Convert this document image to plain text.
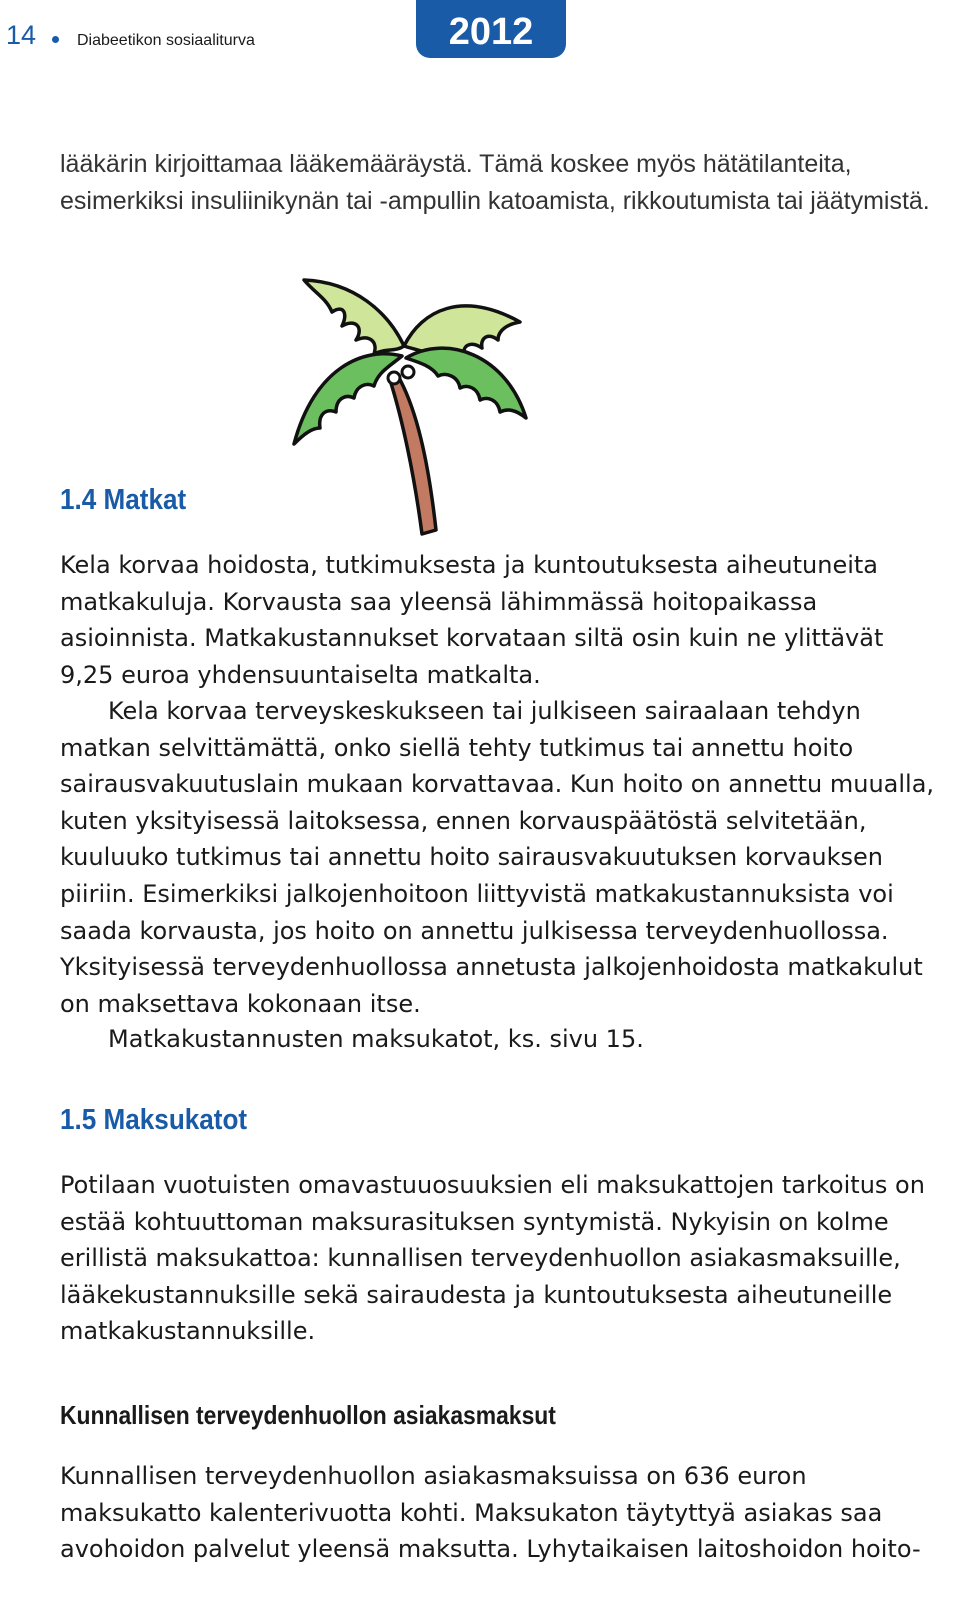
14	Diabeetikon sosiaaliturva	2012

lääkärin kirjoittamaa lääkemääräystä. Tämä koskee myös hätätilanteita, esimerkiksi insuliinikynän tai -ampullin katoamista, rikkoutumista tai jäätymistä.

1.4 Matkat

Kela korvaa hoidosta, tutkimuksesta ja kuntoutuksesta aiheutuneita matkakuluja. Korvausta saa yleensä lähimmässä hoitopaikassa asioinnista. Matkakustannukset korvataan siltä osin kuin ne ylittävät 9,25 euroa yhdensuuntaiselta matkalta.

Kela korvaa terveyskeskukseen tai julkiseen sairaalaan tehdyn matkan selvittämättä, onko siellä tehty tutkimus tai annettu hoito sairausvakuutuslain mukaan korvattavaa. Kun hoito on annettu muualla, kuten yksityisessä laitoksessa, ennen korvauspäätöstä selvitetään, kuuluuko tutkimus tai annettu hoito sairausvakuutuksen korvauksen piiriin. Esimerkiksi jalkojenhoitoon liittyvistä matkakustannuksista voi saada korvausta, jos hoito on annettu julkisessa terveydenhuollossa. Yksityisessä terveydenhuollossa annetusta jalkojenhoidosta matkakulut on maksettava kokonaan itse.

Matkakustannusten maksukatot, ks. sivu 15.

1.5 Maksukatot

Potilaan vuotuisten omavastuuosuuksien eli maksukattojen tarkoitus on estää kohtuuttoman maksurasituksen syntymistä. Nykyisin on kolme erillistä maksukattoa: kunnallisen terveydenhuollon asiakasmaksuille, lääkekustannuksille sekä sairaudesta ja kuntoutuksesta aiheutuneille matkakustannuksille.

Kunnallisen terveydenhuollon asiakasmaksut

Kunnallisen terveydenhuollon asiakasmaksuissa on 636 euron maksukatto kalenterivuotta kohti. Maksukaton täytyttyä asiakas saa avohoidon palvelut yleensä maksutta. Lyhytaikaisen laitoshoidon hoito-
